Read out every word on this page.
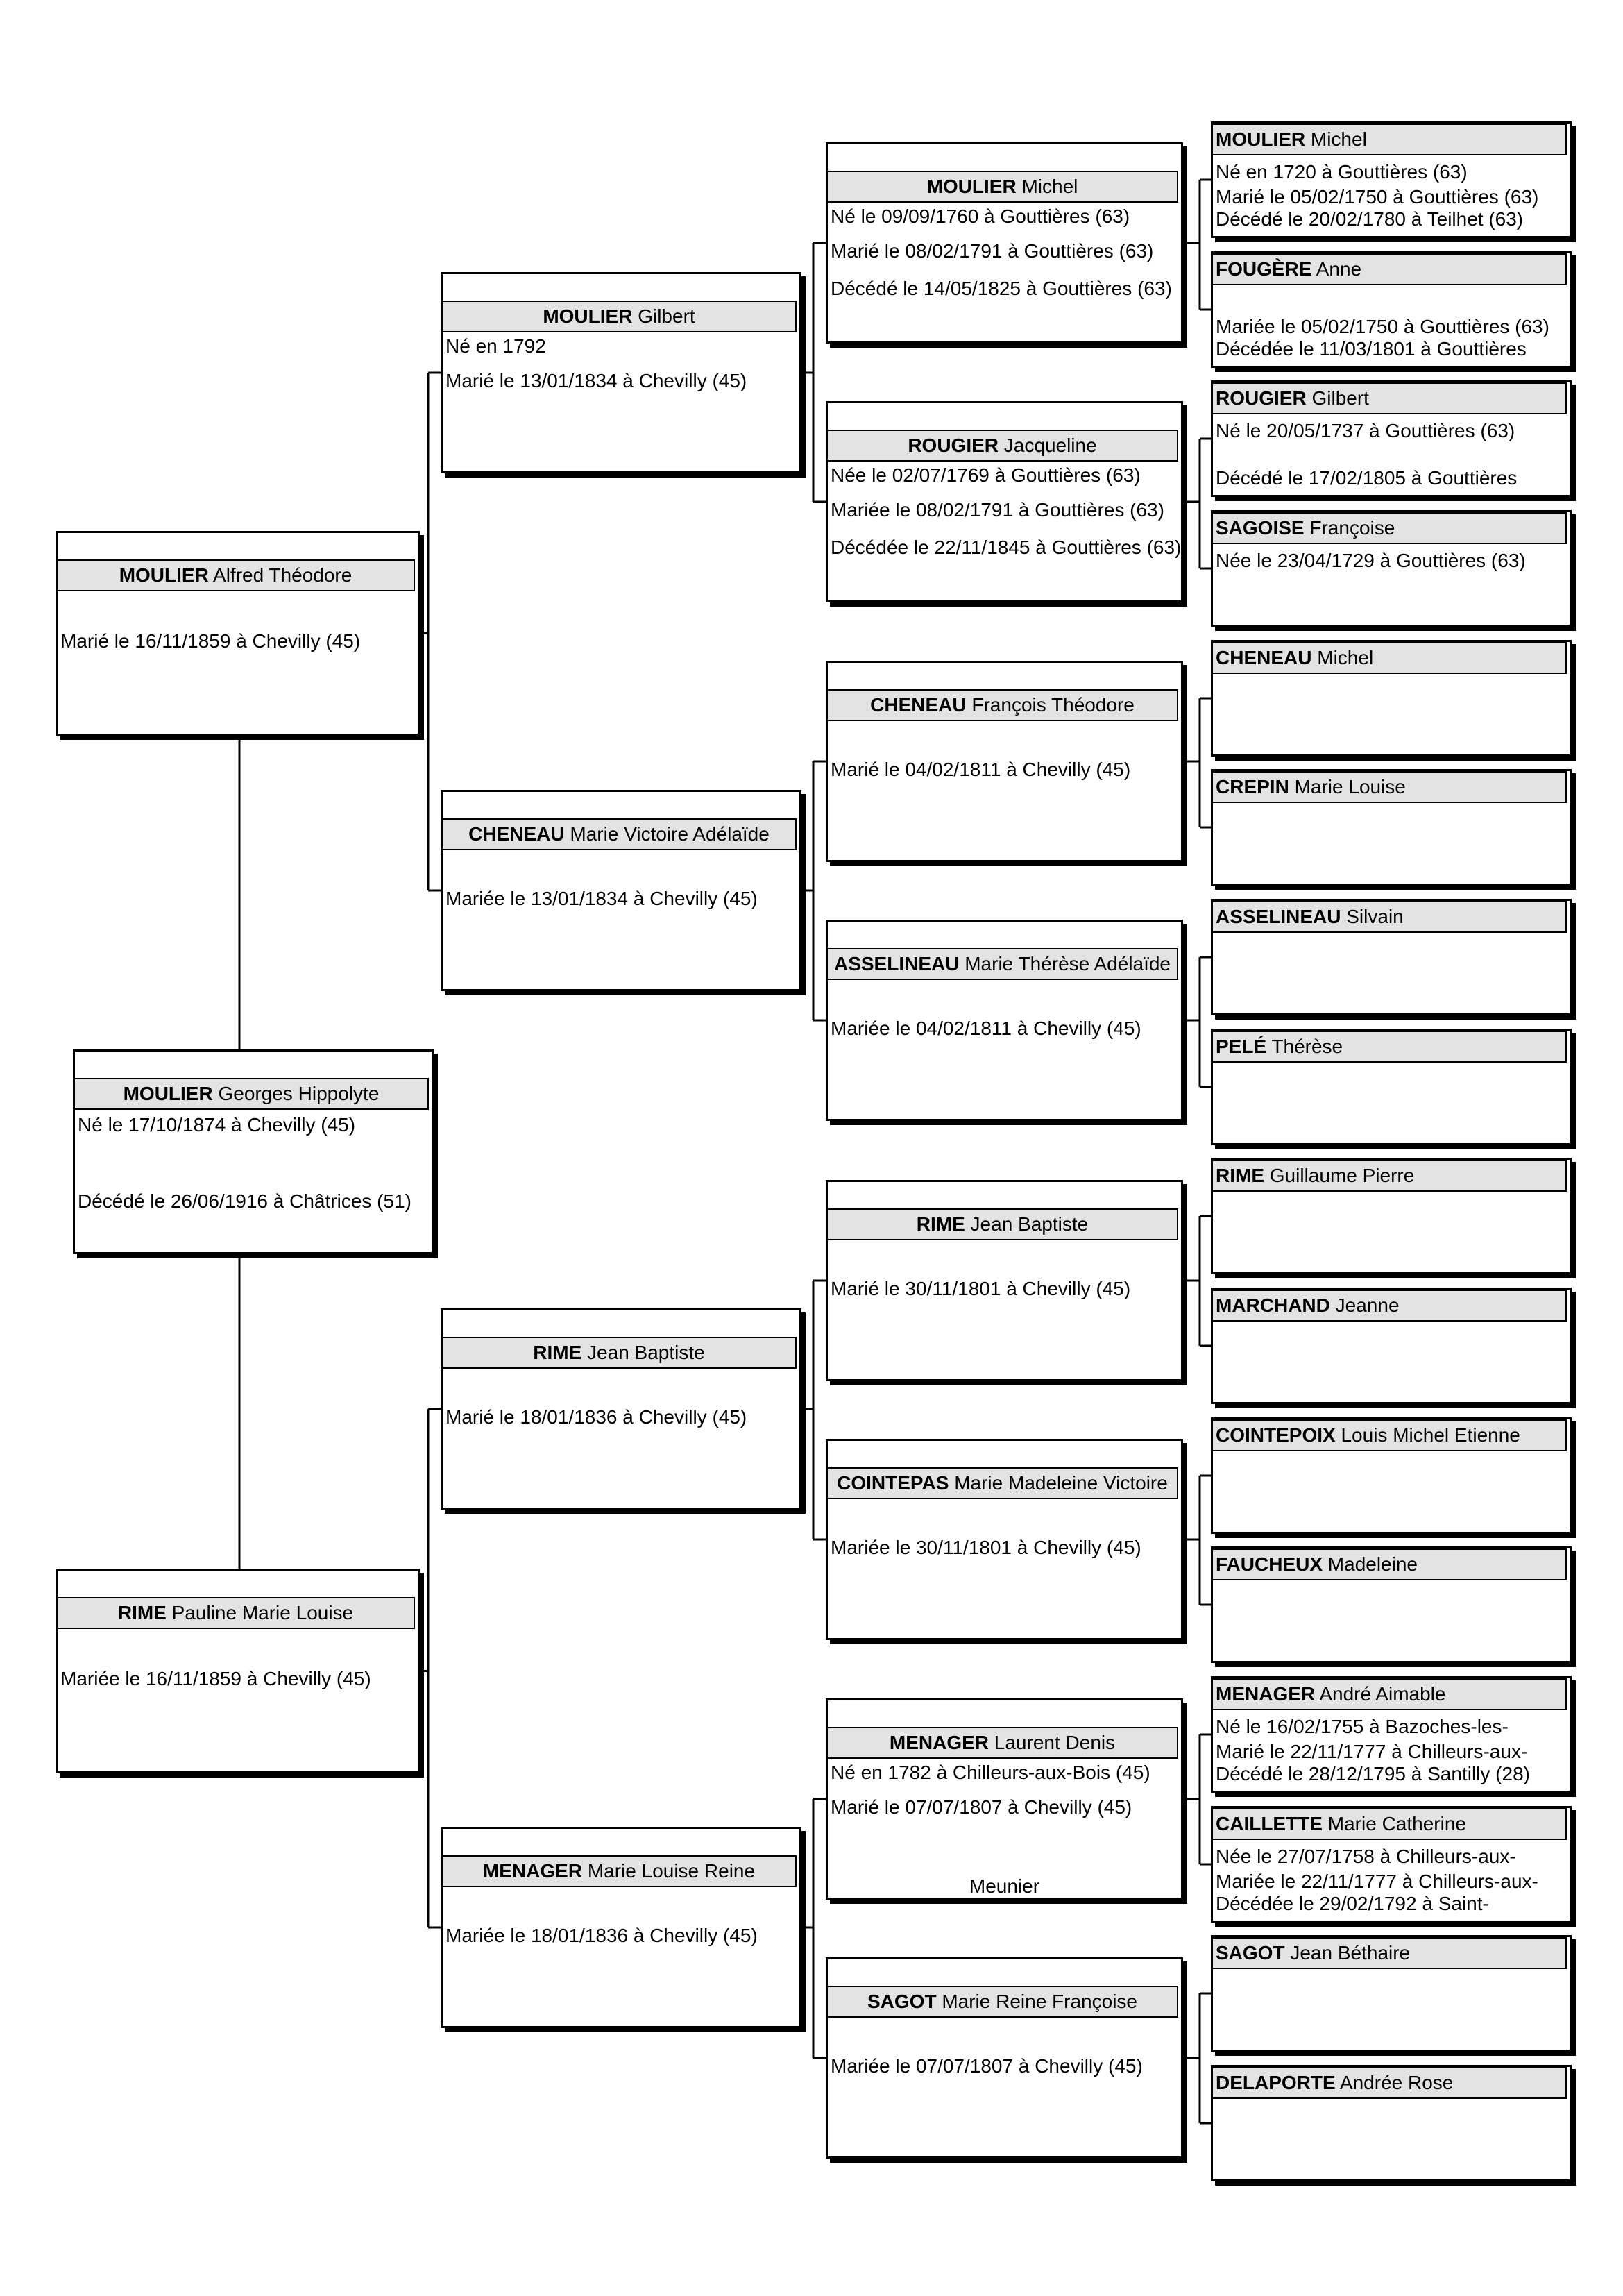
MOULIER Georges Hippolyte
Né le 17/10/1874 à Chevilly (45)
Décédé le 26/06/1916 à Châtrices (51)
MOULIER Alfred Théodore
Marié le 16/11/1859 à Chevilly (45)
RIME Pauline Marie Louise
Mariée le 16/11/1859 à Chevilly (45)
MOULIER Gilbert
Né en 1792
Marié le 13/01/1834 à Chevilly (45)
CHENEAU Marie Victoire Adélaïde
Mariée le 13/01/1834 à Chevilly (45)
RIME Jean Baptiste
Marié le 18/01/1836 à Chevilly (45)
MENAGER Marie Louise Reine
Mariée le 18/01/1836 à Chevilly (45)
MOULIER Michel
Né le 09/09/1760 à Gouttières (63)
Marié le 08/02/1791 à Gouttières (63)
Décédé le 14/05/1825 à Gouttières (63)
ROUGIER Jacqueline
Née le 02/07/1769 à Gouttières (63)
Mariée le 08/02/1791 à Gouttières (63)
Décédée le 22/11/1845 à Gouttières (63)
CHENEAU François Théodore
Marié le 04/02/1811 à Chevilly (45)
ASSELINEAU Marie Thérèse Adélaïde
Mariée le 04/02/1811 à Chevilly (45)
RIME Jean Baptiste
Marié le 30/11/1801 à Chevilly (45)
COINTEPAS Marie Madeleine Victoire
Mariée le 30/11/1801 à Chevilly (45)
MENAGER Laurent Denis
Né en 1782 à Chilleurs-aux-Bois (45)
Marié le 07/07/1807 à Chevilly (45)
Meunier
SAGOT Marie Reine Françoise
Mariée le 07/07/1807 à Chevilly (45)
MOULIER Michel
Né en 1720 à Gouttières (63)
Marié le 05/02/1750 à Gouttières (63)
Décédé le 20/02/1780 à Teilhet (63)
FOUGÈRE Anne
Mariée le 05/02/1750 à Gouttières (63)
Décédée le 11/03/1801 à Gouttières
ROUGIER Gilbert
Né le 20/05/1737 à Gouttières (63)
Décédé le 17/02/1805 à Gouttières
SAGOISE Françoise
Née le 23/04/1729 à Gouttières (63)
CHENEAU Michel
CREPIN Marie Louise
ASSELINEAU Silvain
PELÉ Thérèse
RIME Guillaume Pierre
MARCHAND Jeanne
COINTEPOIX Louis Michel Etienne
FAUCHEUX Madeleine
MENAGER André Aimable
Né le 16/02/1755 à Bazoches-les-
Marié le 22/11/1777 à Chilleurs-aux-
Décédé le 28/12/1795 à Santilly (28)
CAILLETTE Marie Catherine
Née le 27/07/1758 à Chilleurs-aux-
Mariée le 22/11/1777 à Chilleurs-aux-
Décédée le 29/02/1792 à Saint-
SAGOT Jean Béthaire
DELAPORTE Andrée Rose
